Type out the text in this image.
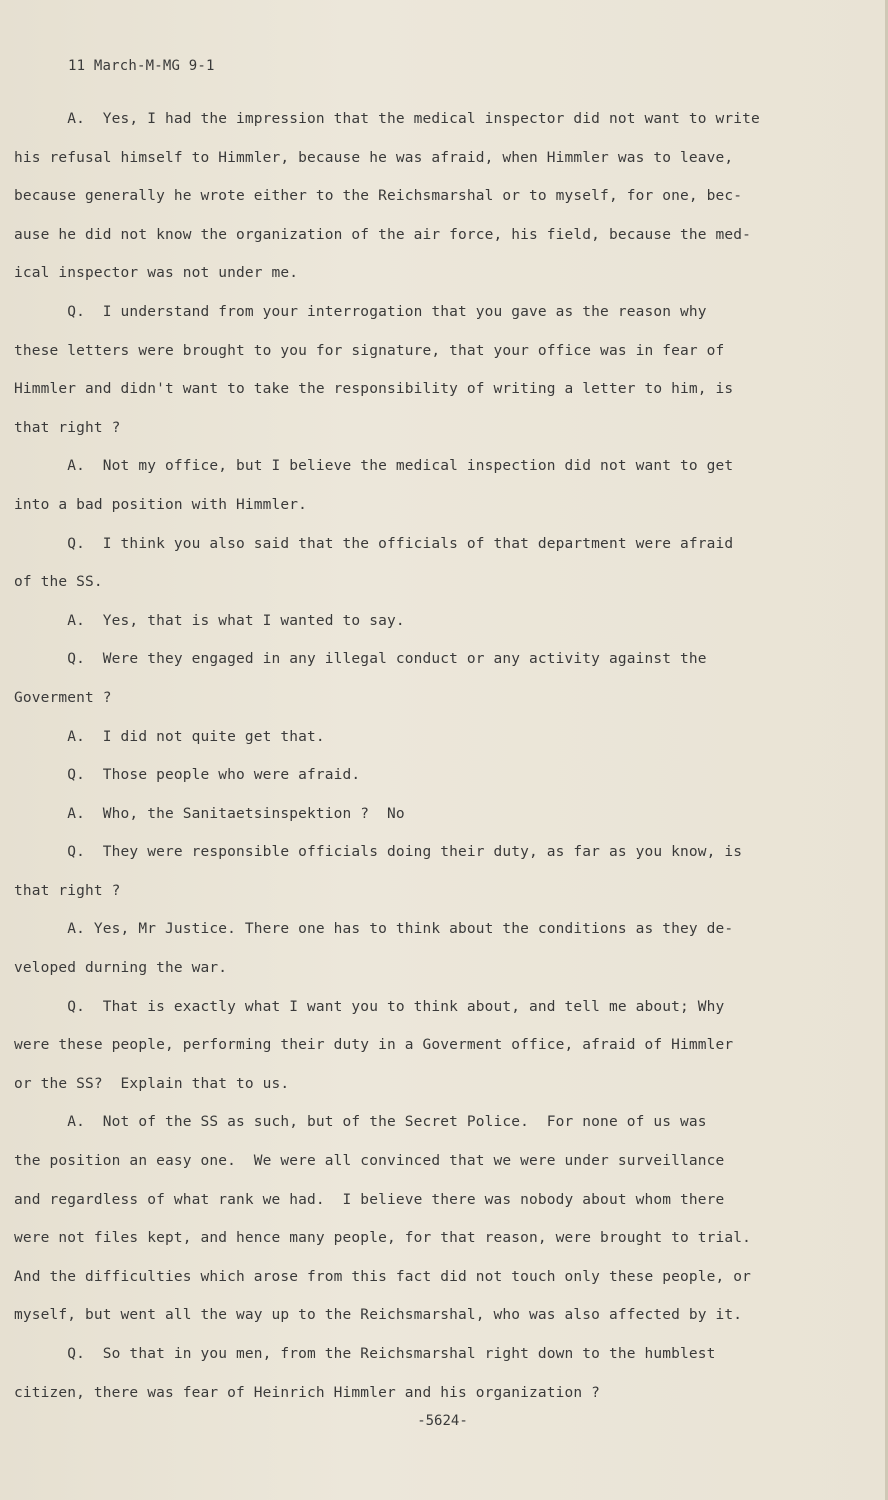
11 March-M-MG 9-1
A.  Yes, I had the impression that the medical inspector did not want to write
his refusal himself to Himmler, because he was afraid, when Himmler was to leave,
because generally he wrote either to the Reichsmarshal or to myself, for one, bec-
ause he did not know the organization of the air force, his field, because the med-
ical inspector was not under me.
Q.  I understand from your interrogation that you gave as the reason why
these letters were brought to you for signature, that your office was in fear of
Himmler and didn't want to take the responsibility of writing a letter to him, is
that right ?
A.  Not my office, but I believe the medical inspection did not want to get
into a bad position with Himmler.
Q.  I think you also said that the officials of that department were afraid
of the SS.
A.  Yes, that is what I wanted to say.
Q.  Were they engaged in any illegal conduct or any activity against the
Goverment ?
A.  I did not quite get that.
Q.  Those people who were afraid.
A.  Who, the Sanitaetsinspektion ?  No
Q.  They were responsible officials doing their duty, as far as you know, is
that right ?
A. Yes, Mr Justice. There one has to think about the conditions as they de-
veloped durning the war.
Q.  That is exactly what I want you to think about, and tell me about; Why
were these people, performing their duty in a Goverment office, afraid of Himmler
or the SS?  Explain that to us.
A.  Not of the SS as such, but of the Secret Police.  For none of us was
the position an easy one.  We were all convinced that we were under surveillance
and regardless of what rank we had.  I believe there was nobody about whom there
were not files kept, and hence many people, for that reason, were brought to trial.
And the difficulties which arose from this fact did not touch only these people, or
myself, but went all the way up to the Reichsmarshal, who was also affected by it.
Q.  So that in you men, from the Reichsmarshal right down to the humblest
citizen, there was fear of Heinrich Himmler and his organization ?
-5624-
